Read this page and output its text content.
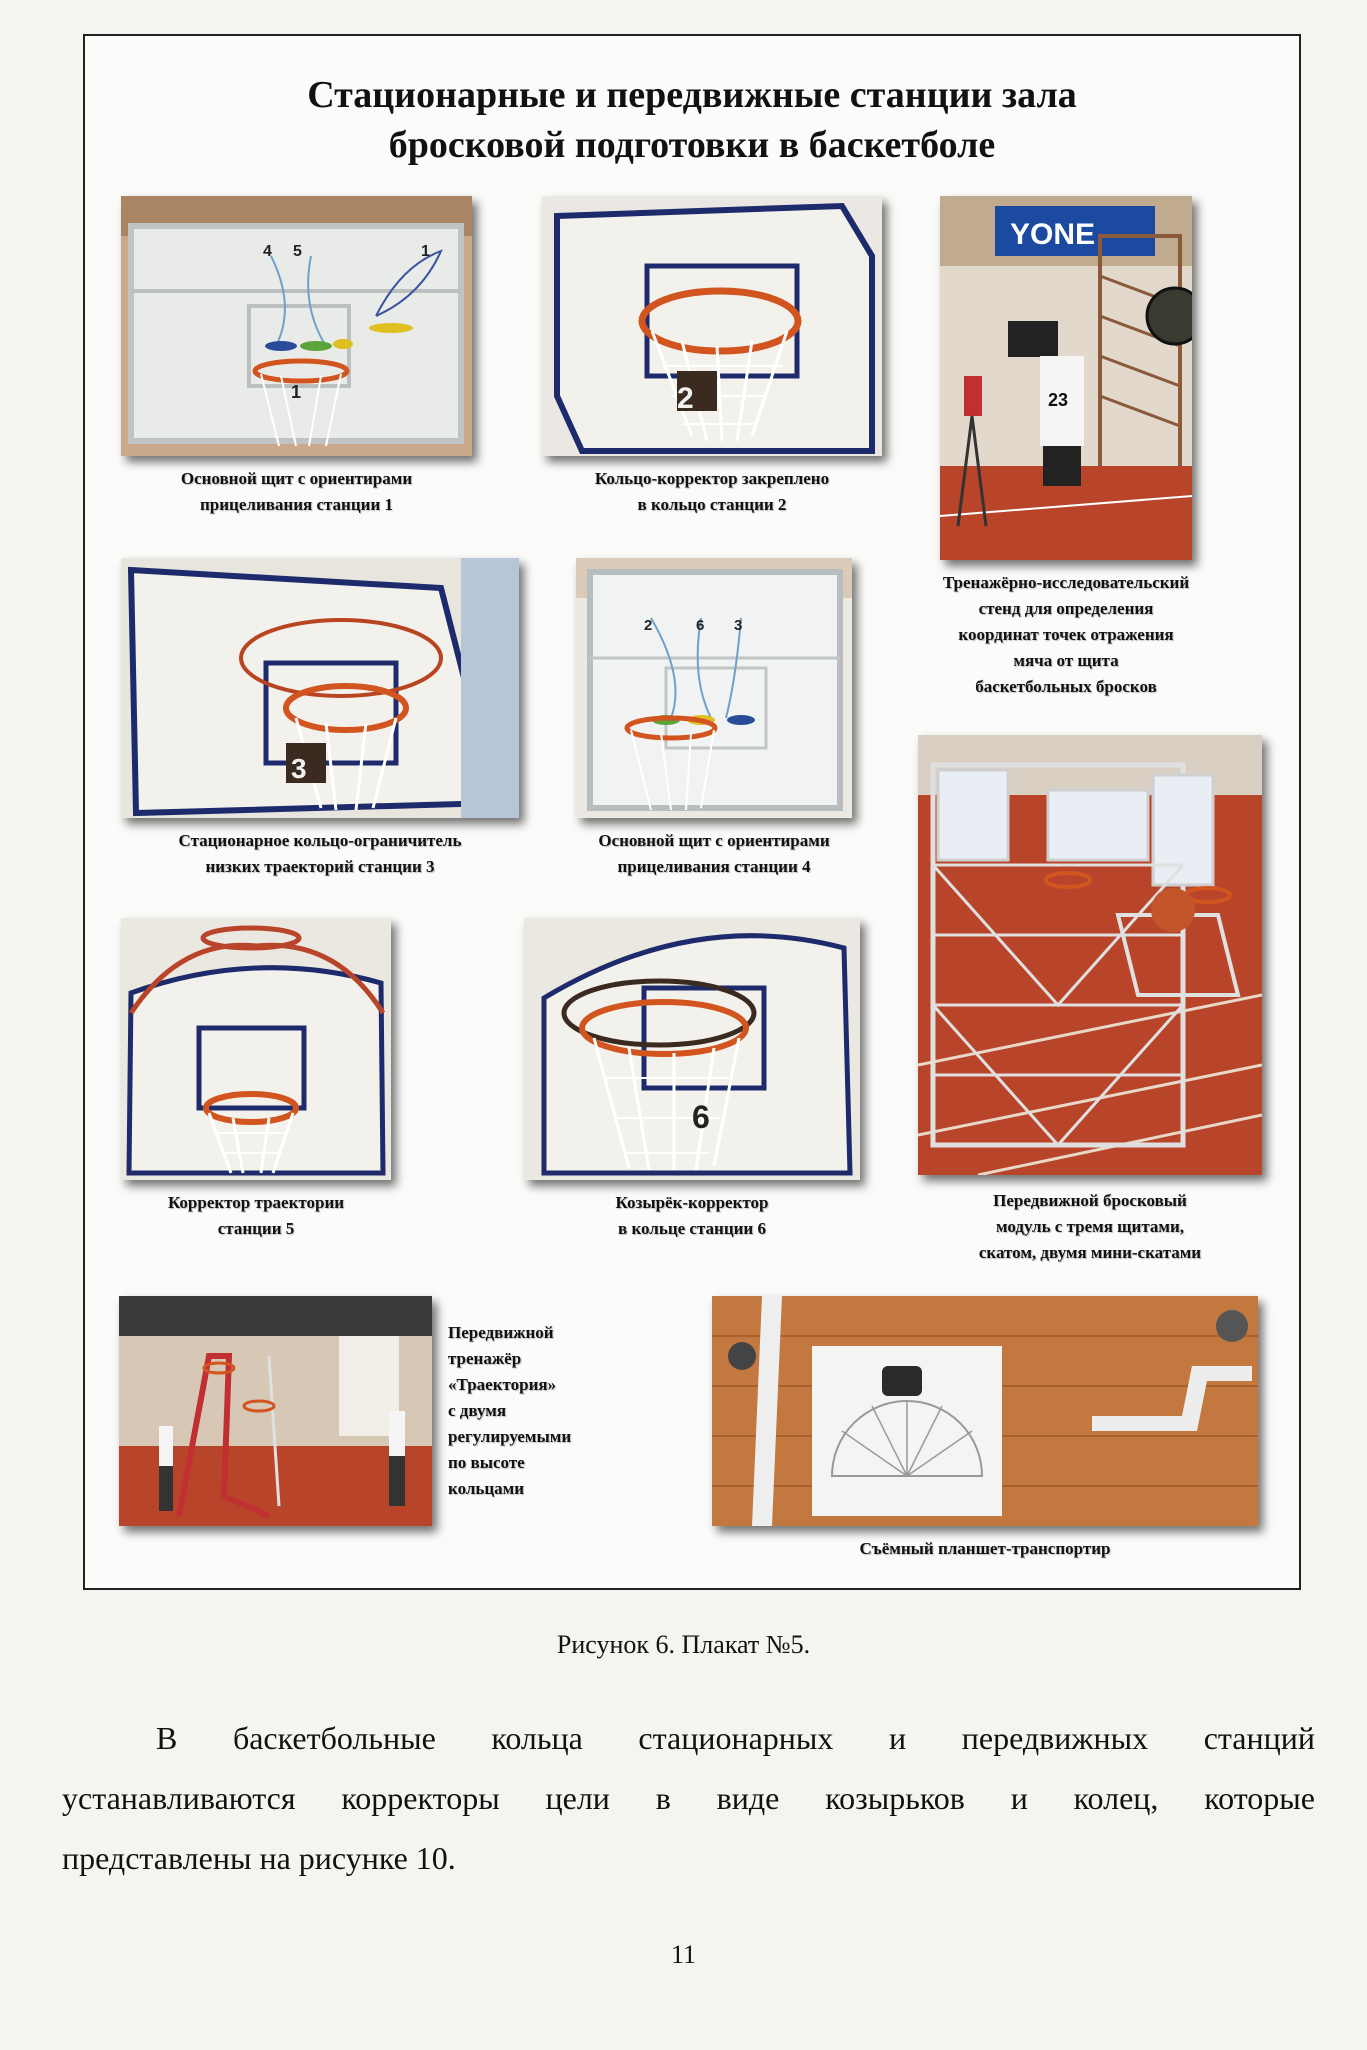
Стационарные и передвижные станции зала
бросковой подготовки в баскетболе
4 5	1
1
Основной щит с ориентирами
прицеливания станции 1
2
Кольцо-корректор закреплено
в кольцо станции 2
YONE
23
Тренажёрно-исследовательский
стенд для определения
координат точек отражения
мяча от щита
баскетбольных бросков
3
Стационарное кольцо-ограничитель
низких траекторий станции 3
2	6 3
Основной щит с ориентирами
прицеливания станции 4
Передвижной бросковый
модуль с тремя щитами,
скатом, двумя мини-скатами
Корректор траектории
станции 5
6
Козырёк-корректор
в кольце станции 6
Передвижной
тренажёр
«Траектория»
с двумя
регулируемыми
по высоте
кольцами
Съёмный планшет-транспортир
Рисунок 6. Плакат №5.
В баскетбольные кольца стационарных и передвижных станций
устанавливаются корректоры цели в виде козырьков и колец, которые
представлены на рисунке 10.
11
